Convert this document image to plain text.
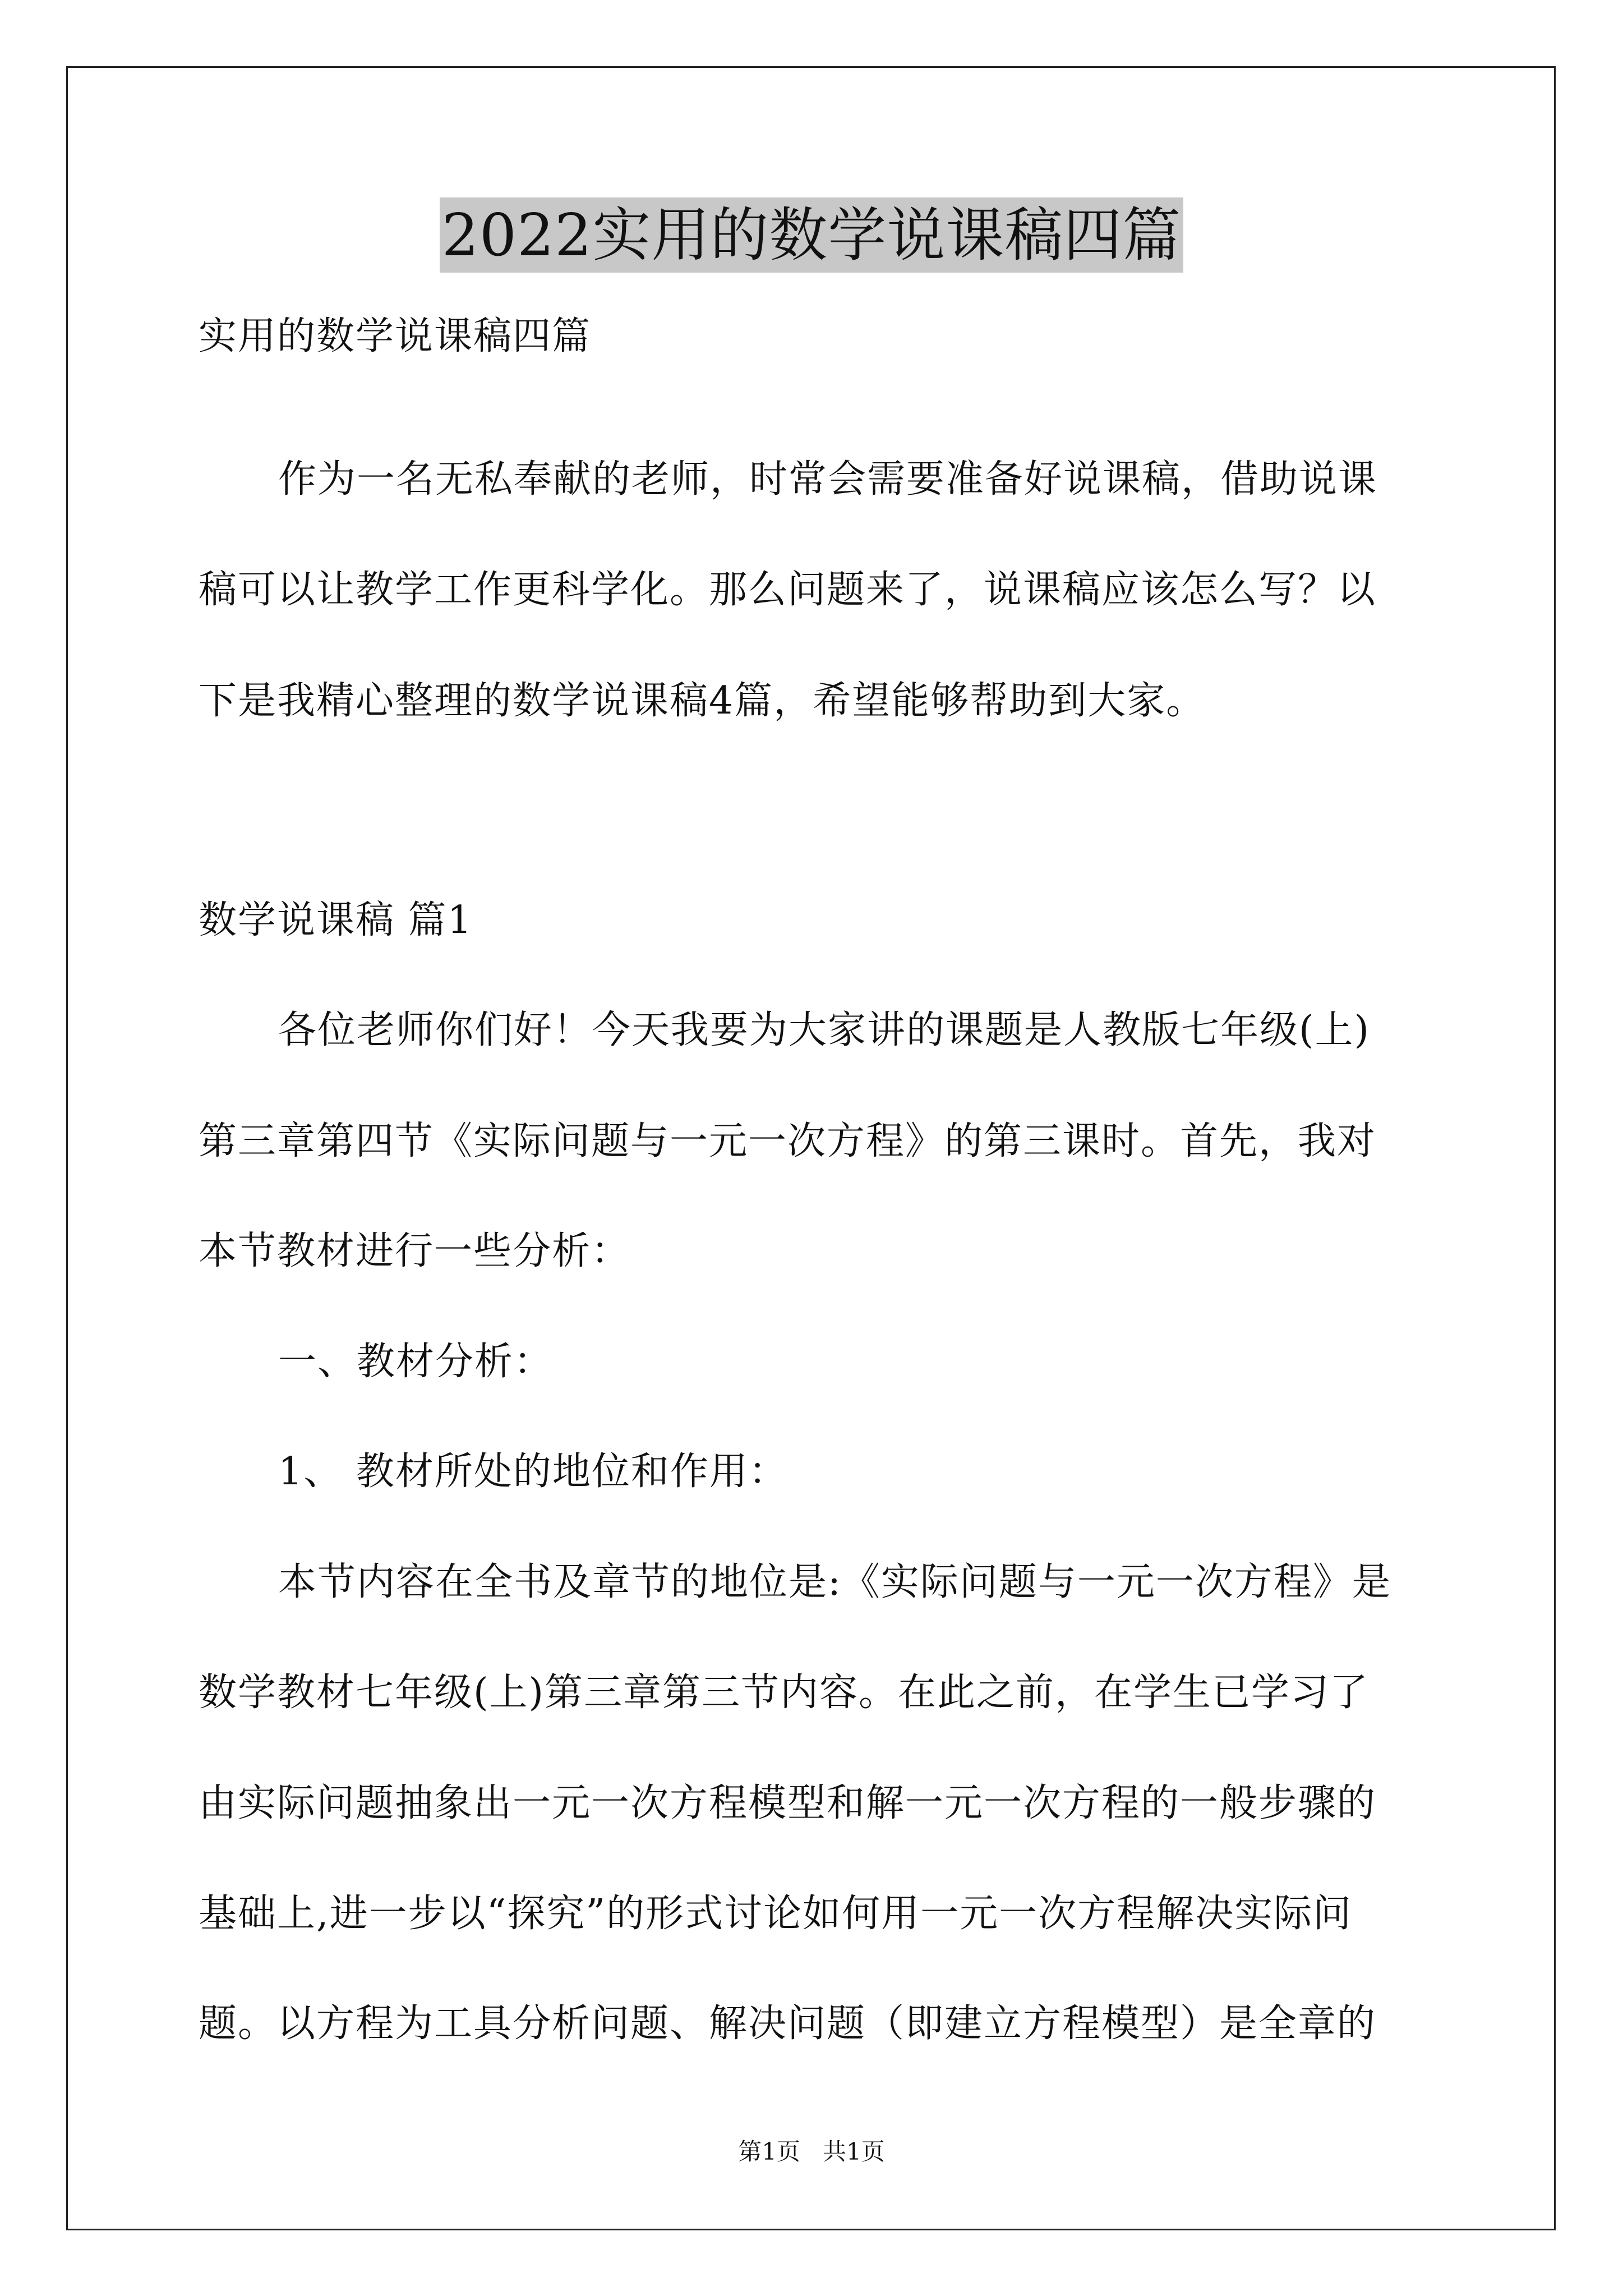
2022实用的数学说课稿四篇
实用的数学说课稿四篇
作为一名无私奉献的老师，时常会需要准备好说课稿，借助说课
稿可以让教学工作更科学化。那么问题来了，说课稿应该怎么写？以
下是我精心整理的数学说课稿4篇，希望能够帮助到大家。
数学说课稿 篇1
各位老师你们好！今天我要为大家讲的课题是人教版七年级(上)
第三章第四节《实际问题与一元一次方程》的第三课时。首先，我对
本节教材进行一些分析：
一、教材分析：
1、 教材所处的地位和作用：
本节内容在全书及章节的地位是:《实际问题与一元一次方程》是
数学教材七年级(上)第三章第三节内容。在此之前，在学生已学习了
由实际问题抽象出一元一次方程模型和解一元一次方程的一般步骤的
基础上,进一步以“探究”的形式讨论如何用一元一次方程解决实际问
题。以方程为工具分析问题、解决问题（即建立方程模型）是全章的
第1页   共1页
